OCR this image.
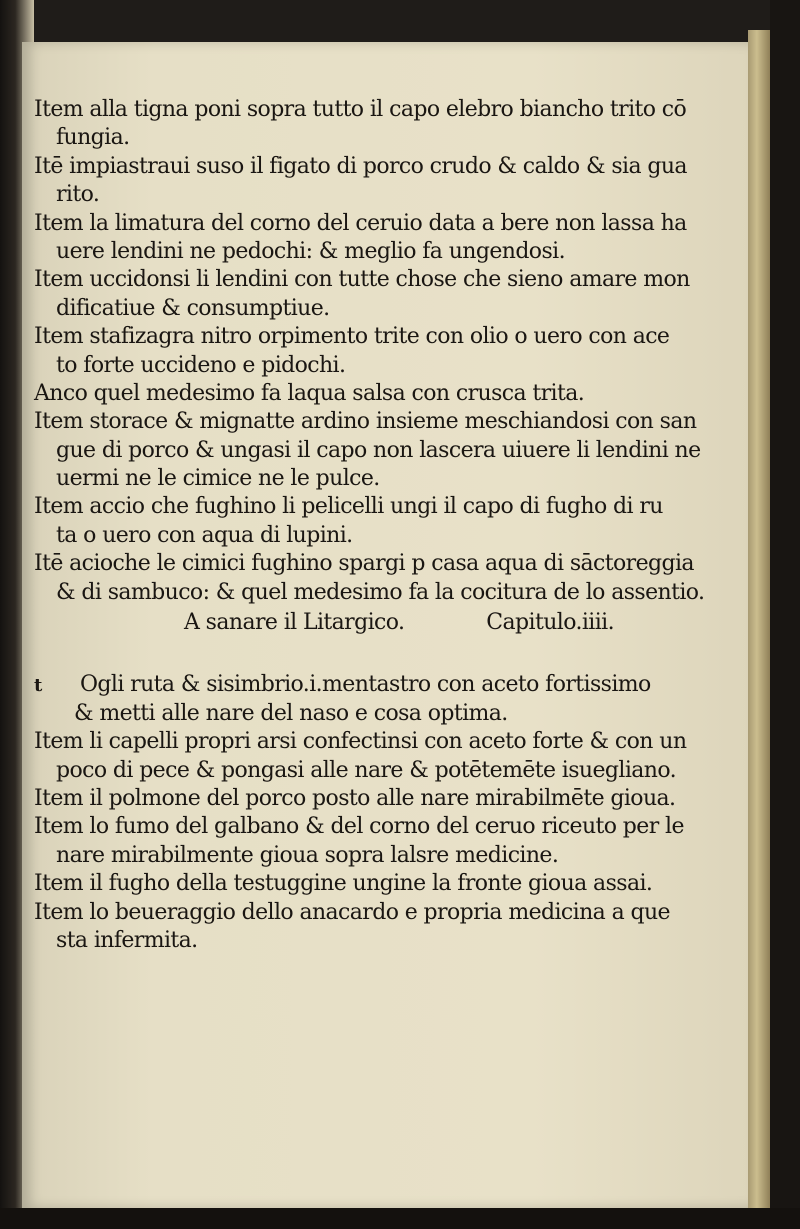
Item alla tigna poni sopra tutto il capo elebro biancho trito cō
fungia.
Itē impiastraui suso il figato di porco crudo & caldo & sia gua
rito.
Item la limatura del corno del ceruio data a bere non lassa ha
uere lendini ne pedochi: & meglio fa ungendosi.
Item uccidonsi li lendini con tutte chose che sieno amare mon
dificatiue & consumptiue.
Item stafizagra nitro orpimento trite con olio o uero con ace
to forte uccideno e pidochi.
Anco quel medesimo fa laqua salsa con crusca trita.
Item storace & mignatte ardino insieme meschiandosi con san
gue di porco & ungasi il capo non lascera uiuere li lendini ne
uermi ne le cimice ne le pulce.
Item accio che fughino li pelicelli ungi il capo di fugho di ru
ta o uero con aqua di lupini.
Itē acioche le cimici fughino spargi p casa aqua di sāctoreggia
& di sambuco: & quel medesimo fa la cocitura de lo assentio.
A sanare il Litargico.	Capitulo.iiii.
t Ogli ruta & sisimbrio.i.mentastro con aceto fortissimo
& metti alle nare del naso e cosa optima.
Item li capelli propri arsi confectinsi con aceto forte & con un
poco di pece & pongasi alle nare & potētemēte isuegliano.
Item il polmone del porco posto alle nare mirabilmēte gioua.
Item lo fumo del galbano & del corno del ceruo riceuto per le
nare mirabilmente gioua sopra lalsre medicine.
Item il fugho della testuggine ungine la fronte gioua assai.
Item lo beueraggio dello anacardo e propria medicina a que
sta infermita.
